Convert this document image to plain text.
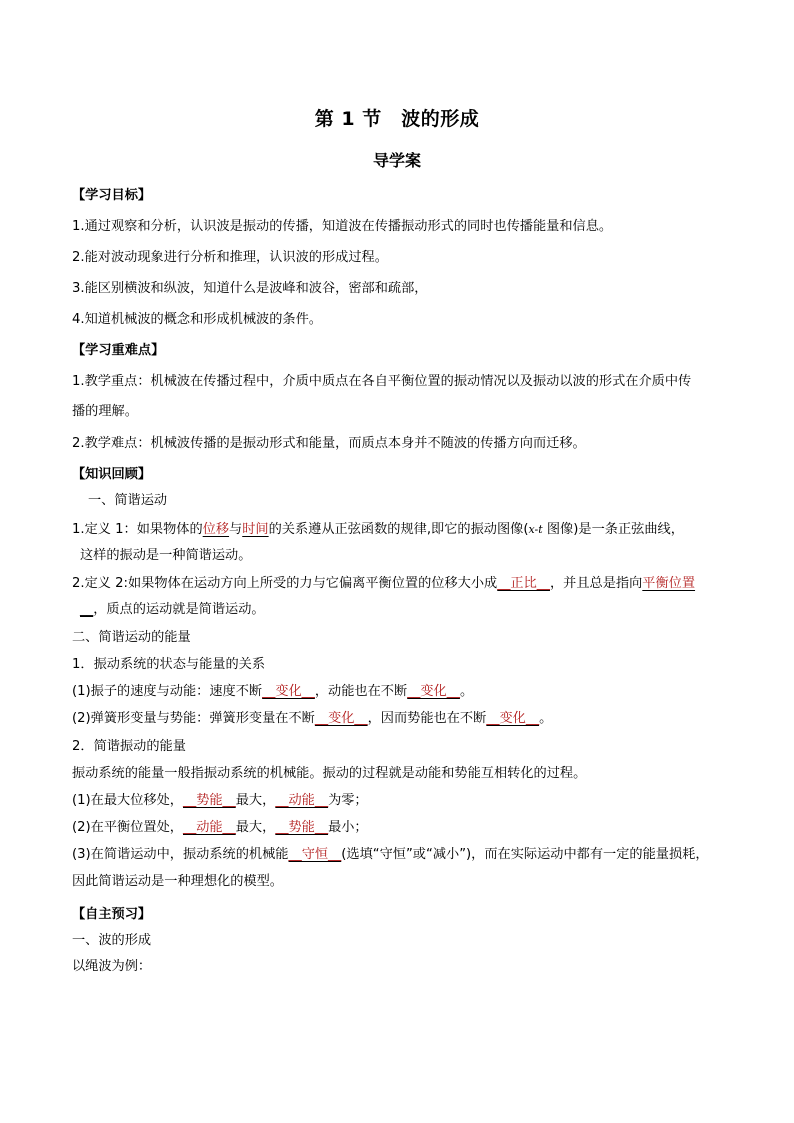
第 1 节　波的形成
导学案
【学习目标】
1.通过观察和分析，认识波是振动的传播，知道波在传播振动形式的同时也传播能量和信息。
2.能对波动现象进行分析和推理，认识波的形成过程。
3.能区别横波和纵波，知道什么是波峰和波谷，密部和疏部，
4.知道机械波的概念和形成机械波的条件。
【学习重难点】
1.教学重点：机械波在传播过程中，介质中质点在各自平衡位置的振动情况以及振动以波的形式在介质中传
播的理解。
2.教学难点：机械波传播的是振动形式和能量，而质点本身并不随波的传播方向而迁移。
【知识回顾】
一、简谐运动
1.定义 1：如果物体的位移与时间的关系遵从正弦函数的规律,即它的振动图像(x-t 图像)是一条正弦曲线，
这样的振动是一种简谐运动。
2.定义 2:如果物体在运动方向上所受的力与它偏离平衡位置的位移大小成__正比__，并且总是指向平衡位置
__，质点的运动就是简谐运动。
二、简谐运动的能量
1．振动系统的状态与能量的关系
(1)振子的速度与动能：速度不断__变化__，动能也在不断__变化__。
(2)弹簧形变量与势能：弹簧形变量在不断__变化__，因而势能也在不断__变化__。
2．简谐振动的能量
振动系统的能量一般指振动系统的机械能。振动的过程就是动能和势能互相转化的过程。
(1)在最大位移处，__势能__最大，__动能__为零；
(2)在平衡位置处，__动能__最大，__势能__最小；
(3)在简谐运动中，振动系统的机械能__守恒__(选填“守恒”或“减小”)，而在实际运动中都有一定的能量损耗，
因此简谐运动是一种理想化的模型。
【自主预习】
一、波的形成
以绳波为例：
